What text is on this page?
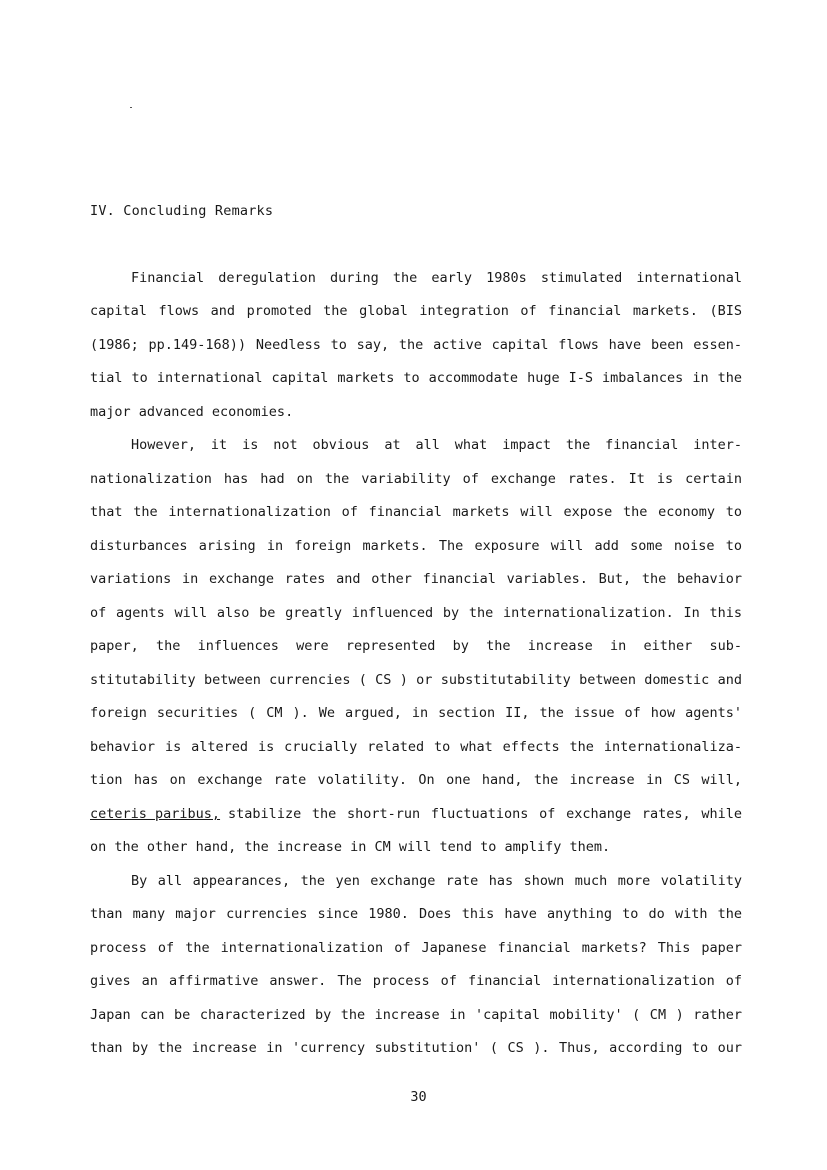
IV. Concluding Remarks
Financial deregulation during the early 1980s stimulated international
capital flows and promoted the global integration of financial markets. (BIS
(1986; pp.149-168)) Needless to say, the active capital flows have been essen-
tial to international capital markets to accommodate huge I-S imbalances in the
major advanced economies.
However, it is not obvious at all what impact the financial inter-
nationalization has had on the variability of exchange rates. It is certain
that the internationalization of financial markets will expose the economy to
disturbances arising in foreign markets. The exposure will add some noise to
variations in exchange rates and other financial variables. But, the behavior
of agents will also be greatly influenced by the internationalization. In this
paper, the influences were represented by the increase in either sub-
stitutability between currencies ( CS ) or substitutability between domestic and
foreign securities ( CM ). We argued, in section II, the issue of how agents'
behavior is altered is crucially related to what effects the internationaliza-
tion has on exchange rate volatility. On one hand, the increase in CS will,
ceteris paribus, stabilize the short-run fluctuations of exchange rates, while
on the other hand, the increase in CM will tend to amplify them.
By all appearances, the yen exchange rate has shown much more volatility
than many major currencies since 1980. Does this have anything to do with the
process of the internationalization of Japanese financial markets? This paper
gives an affirmative answer. The process of financial internationalization of
Japan can be characterized by the increase in 'capital mobility' ( CM ) rather
than by the increase in 'currency substitution' ( CS ). Thus, according to our
30
